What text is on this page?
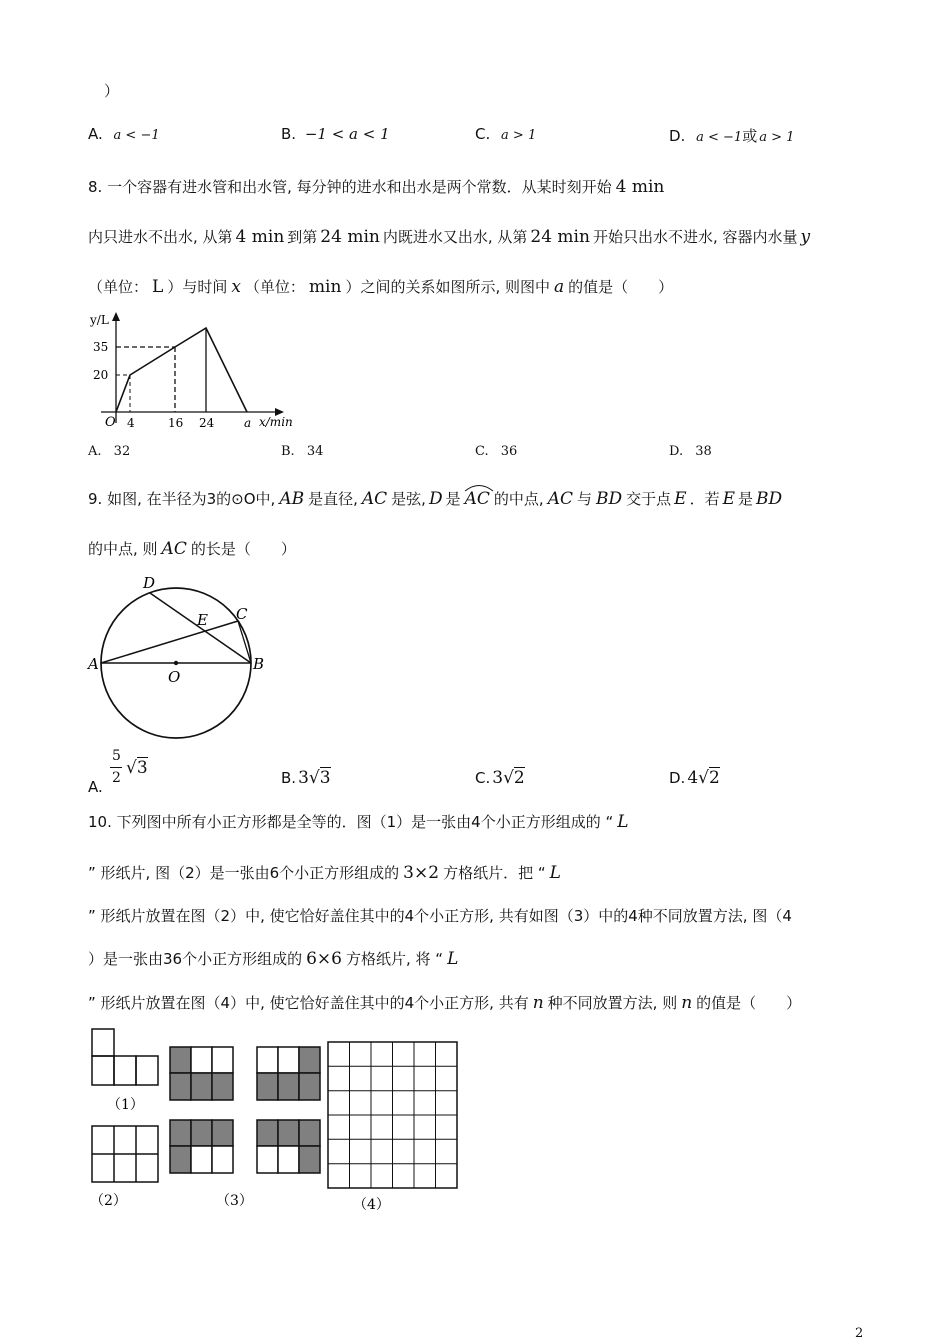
）
A. a < −1	B. −1 < a < 1	C. a > 1	D. a < −1或 a > 1
8. 一个容器有进水管和出水管, 每分钟的进水和出水是两个常数．从某时刻开始 4 min
内只进水不出水, 从第 4 min 到第 24 min 内既进水又出水, 从第 24 min 开始只出水不进水, 容器内水量 y
（单位： L ）与时间 x （单位： min ）之间的关系如图所示, 则图中 a 的值是（　　）
y/L
35
20
O 4	16 24 a x/min
A. 32	B. 34	C. 36	D. 38
9. 如图, 在半径为3的⊙O中, AB 是直径, AC 是弦, D 是 AC 的中点, AC 与 BD 交于点 E ．若 E 是 BD
的中点, 则 AC 的长是（　　）
D
C
E
A	B
O
A.
5
2 √3	B. 3√3	C. 3√2	D. 4√2
10. 下列图中所有小正方形都是全等的．图（1）是一张由4个小正方形组成的 “ L
” 形纸片, 图（2）是一张由6个小正方形组成的 3×2 方格纸片．把 “ L
” 形纸片放置在图（2）中, 使它恰好盖住其中的4个小正方形, 共有如图（3）中的4种不同放置方法, 图（4
）是一张由36个小正方形组成的 6×6 方格纸片, 将 “ L
” 形纸片放置在图（4）中, 使它恰好盖住其中的4个小正方形, 共有 n 种不同放置方法, 则 n 的值是（　　）
（1）
（2）	（3）	（4）
2
